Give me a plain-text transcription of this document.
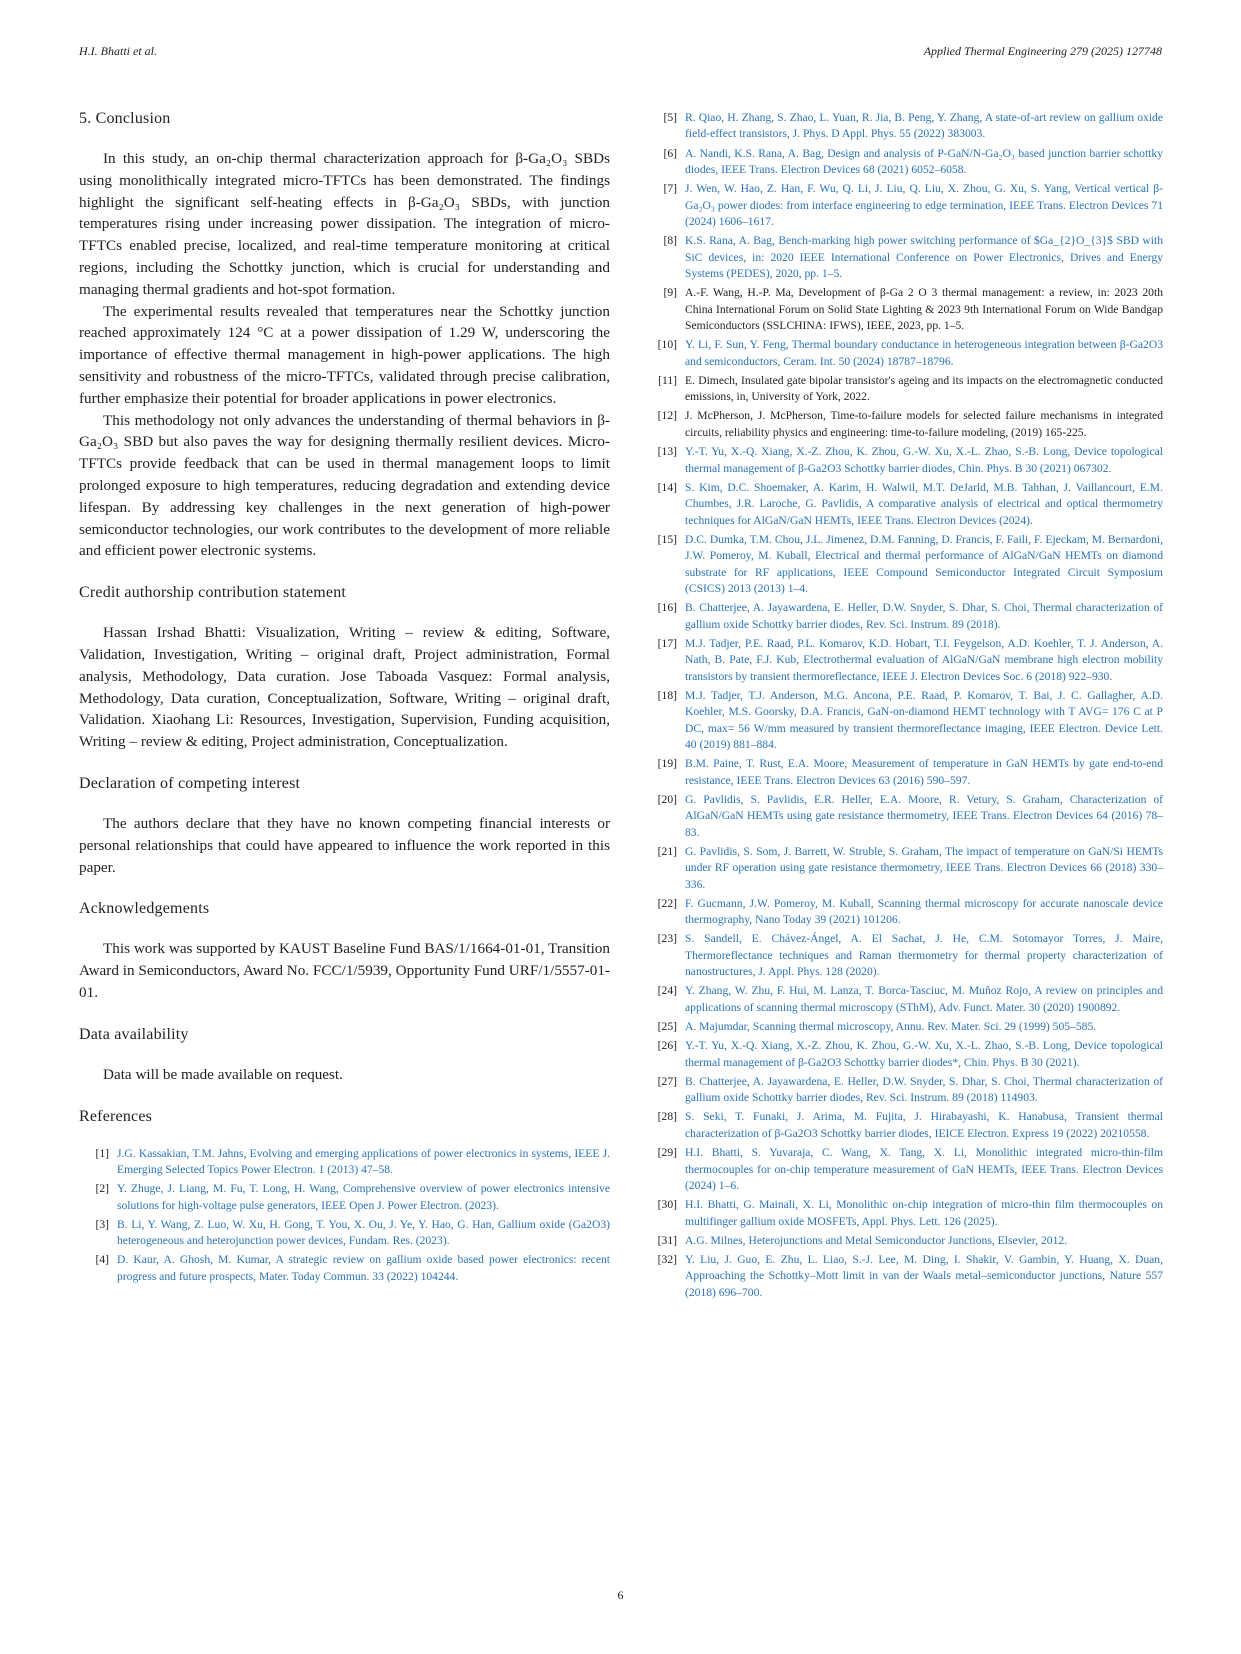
H.I. Bhatti et al.	Applied Thermal Engineering 279 (2025) 127748
5. Conclusion

In this study, an on-chip thermal characterization approach for β-Ga₂O₃ SBDs using monolithically integrated micro-TFTCs has been demonstrated. The findings highlight the significant self-heating effects in β-Ga₂O₃ SBDs, with junction temperatures rising under increasing power dissipation. The integration of micro-TFTCs enabled precise, localized, and real-time temperature monitoring at critical regions, including the Schottky junction, which is crucial for understanding and managing thermal gradients and hot-spot formation.

The experimental results revealed that temperatures near the Schottky junction reached approximately 124 °C at a power dissipation of 1.29 W, underscoring the importance of effective thermal management in high-power applications. The high sensitivity and robustness of the micro-TFTCs, validated through precise calibration, further emphasize their potential for broader applications in power electronics.

This methodology not only advances the understanding of thermal behaviors in β-Ga₂O₃ SBD but also paves the way for designing thermally resilient devices. Micro-TFTCs provide feedback that can be used in thermal management loops to limit prolonged exposure to high temperatures, reducing degradation and extending device lifespan. By addressing key challenges in the next generation of high-power semiconductor technologies, our work contributes to the development of more reliable and efficient power electronic systems.

Credit authorship contribution statement

Hassan Irshad Bhatti: Visualization, Writing – review & editing, Software, Validation, Investigation, Writing – original draft, Project administration, Formal analysis, Methodology, Data curation. Jose Taboada Vasquez: Formal analysis, Methodology, Data curation, Conceptualization, Software, Writing – original draft, Validation. Xiaohang Li: Resources, Investigation, Supervision, Funding acquisition, Writing – review & editing, Project administration, Conceptualization.

Declaration of competing interest

The authors declare that they have no known competing financial interests or personal relationships that could have appeared to influence the work reported in this paper.

Acknowledgements

This work was supported by KAUST Baseline Fund BAS/1/1664-01-01, Transition Award in Semiconductors, Award No. FCC/1/5939, Opportunity Fund URF/1/5557-01-01.

Data availability

Data will be made available on request.

References
[1] J.G. Kassakian, T.M. Jahns, Evolving and emerging applications of power electronics in systems, IEEE J. Emerging Selected Topics Power Electron. 1 (2013) 47–58.
[2] Y. Zhuge, J. Liang, M. Fu, T. Long, H. Wang, Comprehensive overview of power electronics intensive solutions for high-voltage pulse generators, IEEE Open J. Power Electron. (2023).
[3] B. Li, Y. Wang, Z. Luo, W. Xu, H. Gong, T. You, X. Ou, J. Ye, Y. Hao, G. Han, Gallium oxide (Ga2O3) heterogeneous and heterojunction power devices, Fundam. Res. (2023).
[4] D. Kaur, A. Ghosh, M. Kumar, A strategic review on gallium oxide based power electronics: recent progress and future prospects, Mater. Today Commun. 33 (2022) 104244.
[5] R. Qiao, H. Zhang, S. Zhao, L. Yuan, R. Jia, B. Peng, Y. Zhang, A state-of-art review on gallium oxide field-effect transistors, J. Phys. D Appl. Phys. 55 (2022) 383003.
[6] A. Nandi, K.S. Rana, A. Bag, Design and analysis of P-GaN/N-Ga₂O₃ based junction barrier schottky diodes, IEEE Trans. Electron Devices 68 (2021) 6052–6058.
[7] J. Wen, W. Hao, Z. Han, F. Wu, Q. Li, J. Liu, Q. Liu, X. Zhou, G. Xu, S. Yang, Vertical vertical β-Ga₂O₃ power diodes: from interface engineering to edge termination, IEEE Trans. Electron Devices 71 (2024) 1606–1617.
[8] K.S. Rana, A. Bag, Bench-marking high power switching performance of $Ga_{2}O_{3}$ SBD with SiC devices, in: 2020 IEEE International Conference on Power Electronics, Drives and Energy Systems (PEDES), 2020, pp. 1–5.
[9] A.-F. Wang, H.-P. Ma, Development of β-Ga 2 O 3 thermal management: a review, in: 2023 20th China International Forum on Solid State Lighting & 2023 9th International Forum on Wide Bandgap Semiconductors (SSLCHINA: IFWS), IEEE, 2023, pp. 1–5.
[10] Y. Li, F. Sun, Y. Feng, Thermal boundary conductance in heterogeneous integration between β-Ga2O3 and semiconductors, Ceram. Int. 50 (2024) 18787–18796.
[11] E. Dimech, Insulated gate bipolar transistor's ageing and its impacts on the electromagnetic conducted emissions, in, University of York, 2022.
[12] J. McPherson, J. McPherson, Time-to-failure models for selected failure mechanisms in integrated circuits, reliability physics and engineering: time-to-failure modeling, (2019) 165-225.
[13] Y.-T. Yu, X.-Q. Xiang, X.-Z. Zhou, K. Zhou, G.-W. Xu, X.-L. Zhao, S.-B. Long, Device topological thermal management of β-Ga2O3 Schottky barrier diodes, Chin. Phys. B 30 (2021) 067302.
[14] S. Kim, D.C. Shoemaker, A. Karim, H. Walwil, M.T. DeJarld, M.B. Tahhan, J. Vaillancourt, E.M. Chumbes, J.R. Laroche, G. Pavlidis, A comparative analysis of electrical and optical thermometry techniques for AlGaN/GaN HEMTs, IEEE Trans. Electron Devices (2024).
[15] D.C. Dumka, T.M. Chou, J.L. Jimenez, D.M. Fanning, D. Francis, F. Faili, F. Ejeckam, M. Bernardoni, J.W. Pomeroy, M. Kuball, Electrical and thermal performance of AlGaN/GaN HEMTs on diamond substrate for RF applications, IEEE Compound Semiconductor Integrated Circuit Symposium (CSICS) 2013 (2013) 1–4.
[16] B. Chatterjee, A. Jayawardena, E. Heller, D.W. Snyder, S. Dhar, S. Choi, Thermal characterization of gallium oxide Schottky barrier diodes, Rev. Sci. Instrum. 89 (2018).
[17] M.J. Tadjer, P.E. Raad, P.L. Komarov, K.D. Hobart, T.I. Feygelson, A.D. Koehler, T. J. Anderson, A. Nath, B. Pate, F.J. Kub, Electrothermal evaluation of AlGaN/GaN membrane high electron mobility transistors by transient thermoreflectance, IEEE J. Electron Devices Soc. 6 (2018) 922–930.
[18] M.J. Tadjer, T.J. Anderson, M.G. Ancona, P.E. Raad, P. Komarov, T. Bai, J. C. Gallagher, A.D. Koehler, M.S. Goorsky, D.A. Francis, GaN-on-diamond HEMT technology with T AVG= 176 C at P DC, max= 56 W/mm measured by transient thermoreflectance imaging, IEEE Electron. Device Lett. 40 (2019) 881–884.
[19] B.M. Paine, T. Rust, E.A. Moore, Measurement of temperature in GaN HEMTs by gate end-to-end resistance, IEEE Trans. Electron Devices 63 (2016) 590–597.
[20] G. Pavlidis, S. Pavlidis, E.R. Heller, E.A. Moore, R. Vetury, S. Graham, Characterization of AlGaN/GaN HEMTs using gate resistance thermometry, IEEE Trans. Electron Devices 64 (2016) 78–83.
[21] G. Pavlidis, S. Som, J. Barrett, W. Struble, S. Graham, The impact of temperature on GaN/Si HEMTs under RF operation using gate resistance thermometry, IEEE Trans. Electron Devices 66 (2018) 330–336.
[22] F. Gucmann, J.W. Pomeroy, M. Kuball, Scanning thermal microscopy for accurate nanoscale device thermography, Nano Today 39 (2021) 101206.
[23] S. Sandell, E. Chávez-Ángel, A. El Sachat, J. He, C.M. Sotomayor Torres, J. Maire, Thermoreflectance techniques and Raman thermometry for thermal property characterization of nanostructures, J. Appl. Phys. 128 (2020).
[24] Y. Zhang, W. Zhu, F. Hui, M. Lanza, T. Borca-Tasciuc, M. Muñoz Rojo, A review on principles and applications of scanning thermal microscopy (SThM), Adv. Funct. Mater. 30 (2020) 1900892.
[25] A. Majumdar, Scanning thermal microscopy, Annu. Rev. Mater. Sci. 29 (1999) 505–585.
[26] Y.-T. Yu, X.-Q. Xiang, X.-Z. Zhou, K. Zhou, G.-W. Xu, X.-L. Zhao, S.-B. Long, Device topological thermal management of β-Ga2O3 Schottky barrier diodes*, Chin. Phys. B 30 (2021).
[27] B. Chatterjee, A. Jayawardena, E. Heller, D.W. Snyder, S. Dhar, S. Choi, Thermal characterization of gallium oxide Schottky barrier diodes, Rev. Sci. Instrum. 89 (2018) 114903.
[28] S. Seki, T. Funaki, J. Arima, M. Fujita, J. Hirabayashi, K. Hanabusa, Transient thermal characterization of β-Ga2O3 Schottky barrier diodes, IEICE Electron. Express 19 (2022) 20210558.
[29] H.I. Bhatti, S. Yuvaraja, C. Wang, X. Tang, X. Li, Monolithic integrated micro-thin-film thermocouples for on-chip temperature measurement of GaN HEMTs, IEEE Trans. Electron Devices (2024) 1–6.
[30] H.I. Bhatti, G. Mainali, X. Li, Monolithic on-chip integration of micro-thin film thermocouples on multifinger gallium oxide MOSFETs, Appl. Phys. Lett. 126 (2025).
[31] A.G. Milnes, Heterojunctions and Metal Semiconductor Junctions, Elsevier, 2012.
[32] Y. Liu, J. Guo, E. Zhu, L. Liao, S.-J. Lee, M. Ding, I. Shakir, V. Gambin, Y. Huang, X. Duan, Approaching the Schottky–Mott limit in van der Waals metal–semiconductor junctions, Nature 557 (2018) 696–700.
6
